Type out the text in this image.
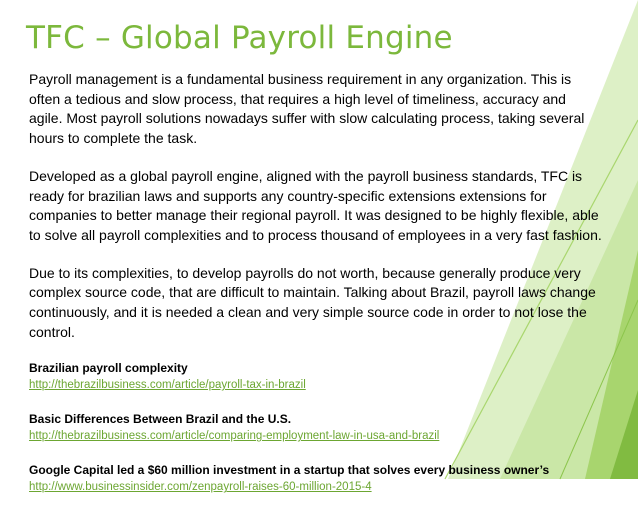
TFC – Global Payroll Engine

Payroll management is a fundamental business requirement in any organization. This is
often a tedious and slow process, that requires a high level of timeliness, accuracy and
agile. Most payroll solutions nowadays suffer with slow calculating process, taking several
hours to complete the task.

Developed as a global payroll engine, aligned with the payroll business standards, TFC is
ready for brazilian laws and supports any country-specific extensions extensions for
companies to better manage their regional payroll. It was designed to be highly flexible, able
to solve all payroll complexities and to process thousand of employees in a very fast fashion.

Due to its complexities, to develop payrolls do not worth, because generally produce very
complex source code, that are difficult to maintain. Talking about Brazil, payroll laws change
continuously, and it is needed a clean and very simple source code in order to not lose the
control.

Brazilian payroll complexity
http://thebrazilbusiness.com/article/payroll-tax-in-brazil
Basic Differences Between Brazil and the U.S.
http://thebrazilbusiness.com/article/comparing-employment-law-in-usa-and-brazil
Google Capital led a $60 million investment in a startup that solves every business owner’s
http://www.businessinsider.com/zenpayroll-raises-60-million-2015-4
